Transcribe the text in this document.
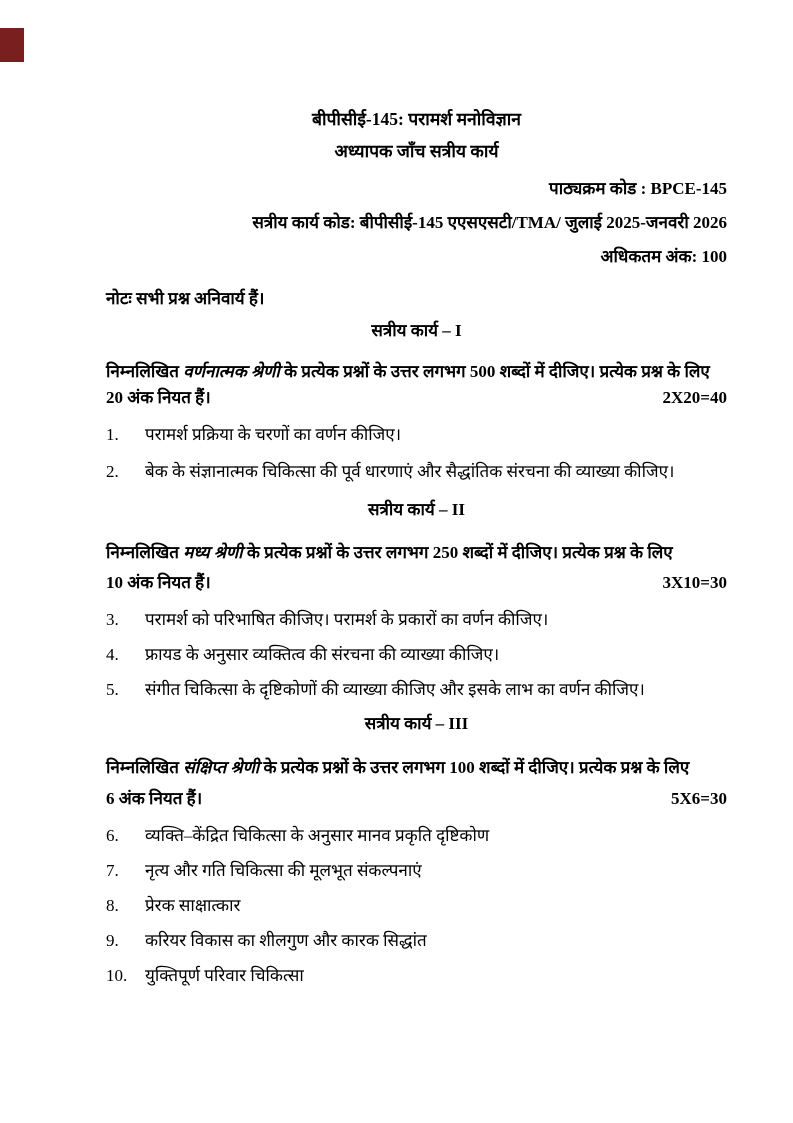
बीपीसीई-145: परामर्श मनोविज्ञान
अध्यापक जाँच सत्रीय कार्य
पाठ्यक्रम कोड : BPCE-145
सत्रीय कार्य कोड: बीपीसीई-145 एएसएसटी/TMA/ जुलाई 2025-जनवरी 2026
अधिकतम अंक: 100
नोटः सभी प्रश्न अनिवार्य हैं।
सत्रीय कार्य – I
निम्नलिखित वर्णनात्मक श्रेणी के प्रत्येक प्रश्नों के उत्तर लगभग 500 शब्दों में दीजिए। प्रत्येक प्रश्न के लिए
20 अंक नियत हैं।	2X20=40
1.	परामर्श प्रक्रिया के चरणों का वर्णन कीजिए।
2.	बेक के संज्ञानात्मक चिकित्सा की पूर्व धारणाएं और सैद्धांतिक संरचना की व्याख्या कीजिए।
सत्रीय कार्य – II
निम्नलिखित मध्य श्रेणी के प्रत्येक प्रश्नों के उत्तर लगभग 250 शब्दों में दीजिए। प्रत्येक प्रश्न के लिए
10 अंक नियत हैं।	3X10=30
3.	परामर्श को परिभाषित कीजिए। परामर्श के प्रकारों का वर्णन कीजिए।
4.	फ्रायड के अनुसार व्यक्तित्व की संरचना की व्याख्या कीजिए।
5.	संगीत चिकित्सा के दृष्टिकोणों की व्याख्या कीजिए और इसके लाभ का वर्णन कीजिए।
सत्रीय कार्य – III
निम्नलिखित संक्षिप्त श्रेणी के प्रत्येक प्रश्नों के उत्तर लगभग 100 शब्दों में दीजिए। प्रत्येक प्रश्न के लिए
6 अंक नियत हैं।	5X6=30
6.	व्यक्ति–केंद्रित चिकित्सा के अनुसार मानव प्रकृति दृष्टिकोण
7.	नृत्य और गति चिकित्सा की मूलभूत संकल्पनाएं
8.	प्रेरक साक्षात्कार
9.	करियर विकास का शीलगुण और कारक सिद्धांत
10.	युक्तिपूर्ण परिवार चिकित्सा
